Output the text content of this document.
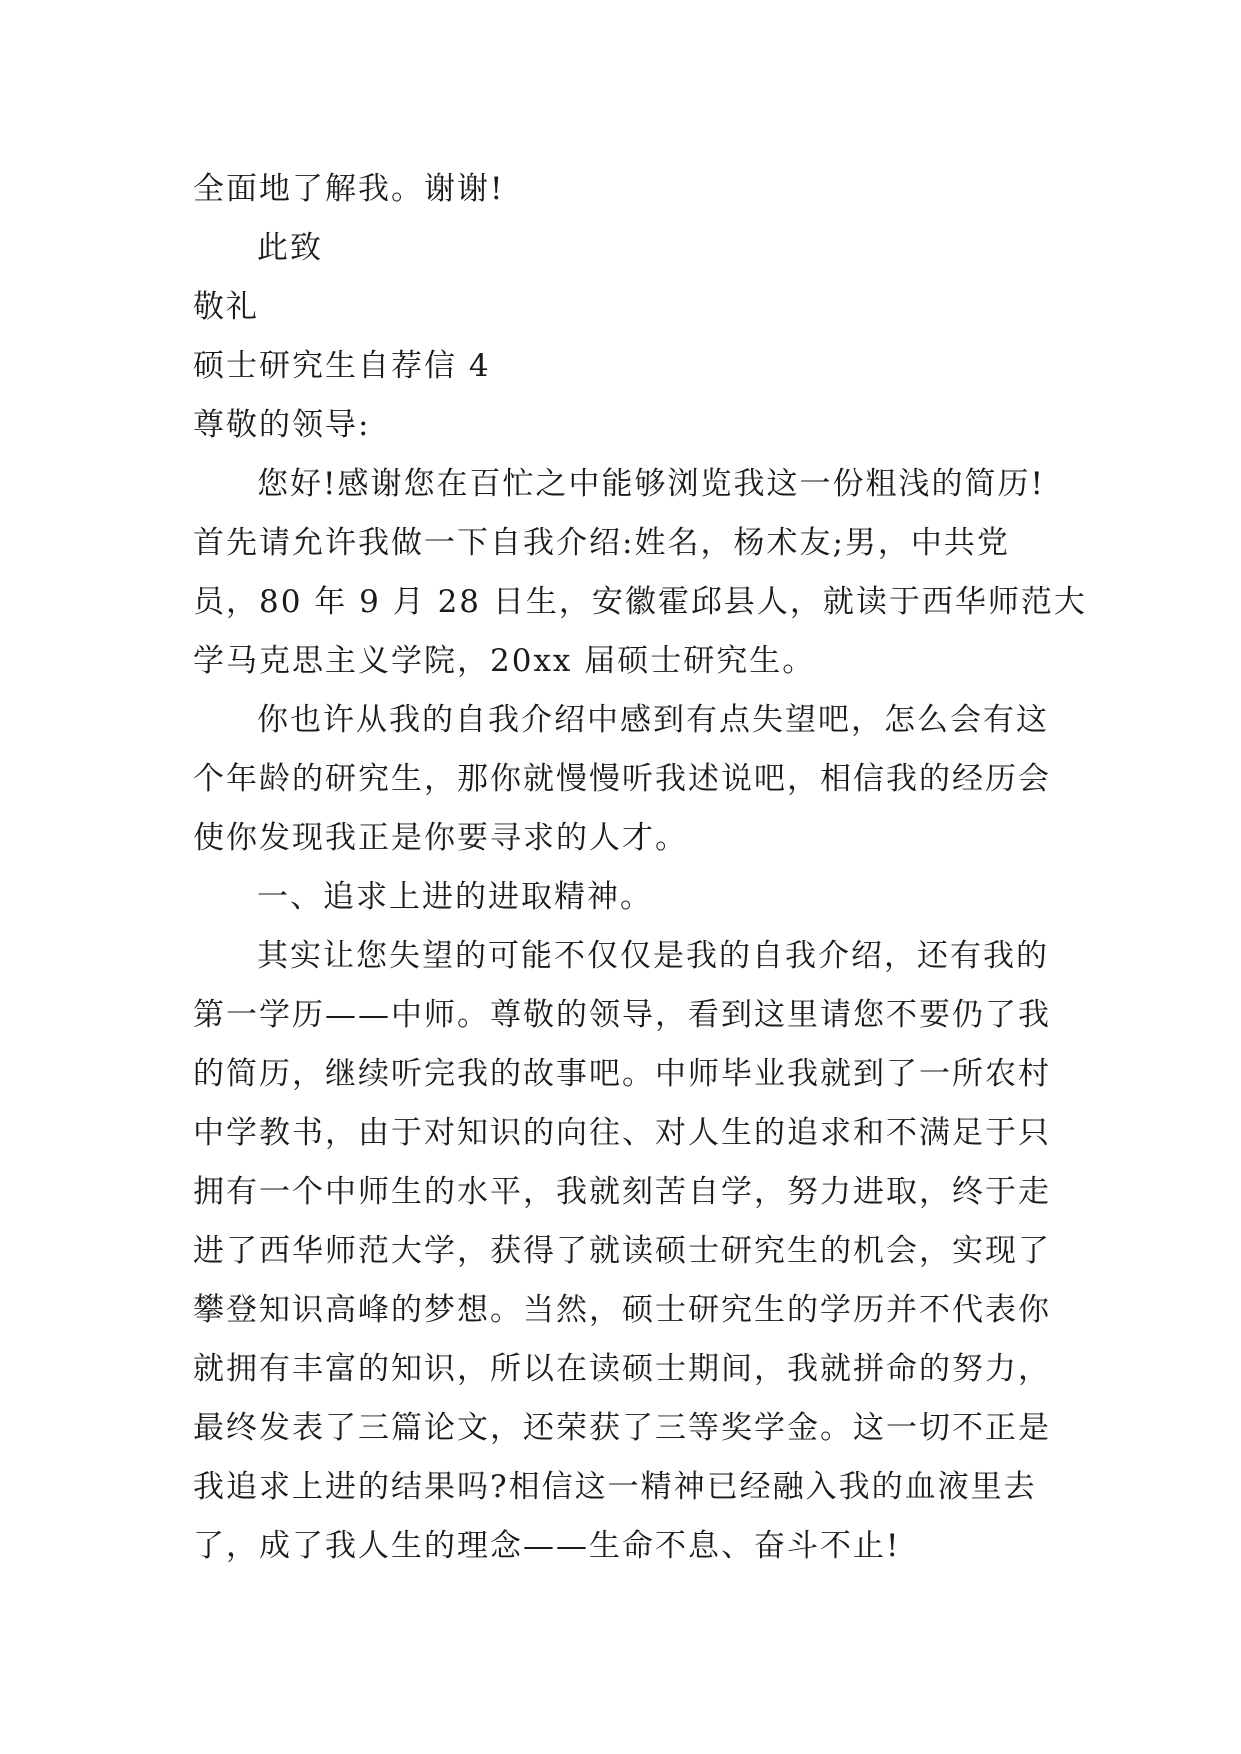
全面地了解我。谢谢!
此致
敬礼
硕士研究生自荐信 4
尊敬的领导:
您好!感谢您在百忙之中能够浏览我这一份粗浅的简历!
首先请允许我做一下自我介绍:姓名，杨术友;男，中共党
员，80 年 9 月 28 日生，安徽霍邱县人，就读于西华师范大
学马克思主义学院，20xx 届硕士研究生。
你也许从我的自我介绍中感到有点失望吧，怎么会有这
个年龄的研究生，那你就慢慢听我述说吧，相信我的经历会
使你发现我正是你要寻求的人才。
一、追求上进的进取精神。
其实让您失望的可能不仅仅是我的自我介绍，还有我的
第一学历——中师。尊敬的领导，看到这里请您不要仍了我
的简历，继续听完我的故事吧。中师毕业我就到了一所农村
中学教书，由于对知识的向往、对人生的追求和不满足于只
拥有一个中师生的水平，我就刻苦自学，努力进取，终于走
进了西华师范大学，获得了就读硕士研究生的机会，实现了
攀登知识高峰的梦想。当然，硕士研究生的学历并不代表你
就拥有丰富的知识，所以在读硕士期间，我就拼命的努力，
最终发表了三篇论文，还荣获了三等奖学金。这一切不正是
我追求上进的结果吗?相信这一精神已经融入我的血液里去
了，成了我人生的理念——生命不息、奋斗不止!
